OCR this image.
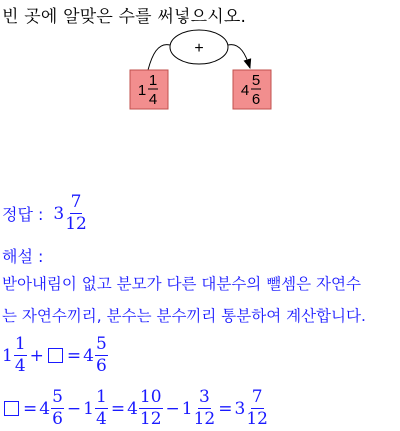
빈 곳에 알맞은 수를 써넣으시오.
+
1
1
4
4
5
6
정답 : $3 \frac{7}{12}$
해설 :
받아내림이 없고 분모가 다른 대분수의 뺄셈은 자연수
는 자연수끼리, 분수는 분수끼리 통분하여 계산합니다.
$1 \frac{1}{4}$ + = $4 \frac{5}{6}$
= $4 \frac{5}{6} - 1 \frac{1}{4} = 4 \frac{10}{12} - 1 \frac{3}{12} = 3 \frac{7}{12}$
